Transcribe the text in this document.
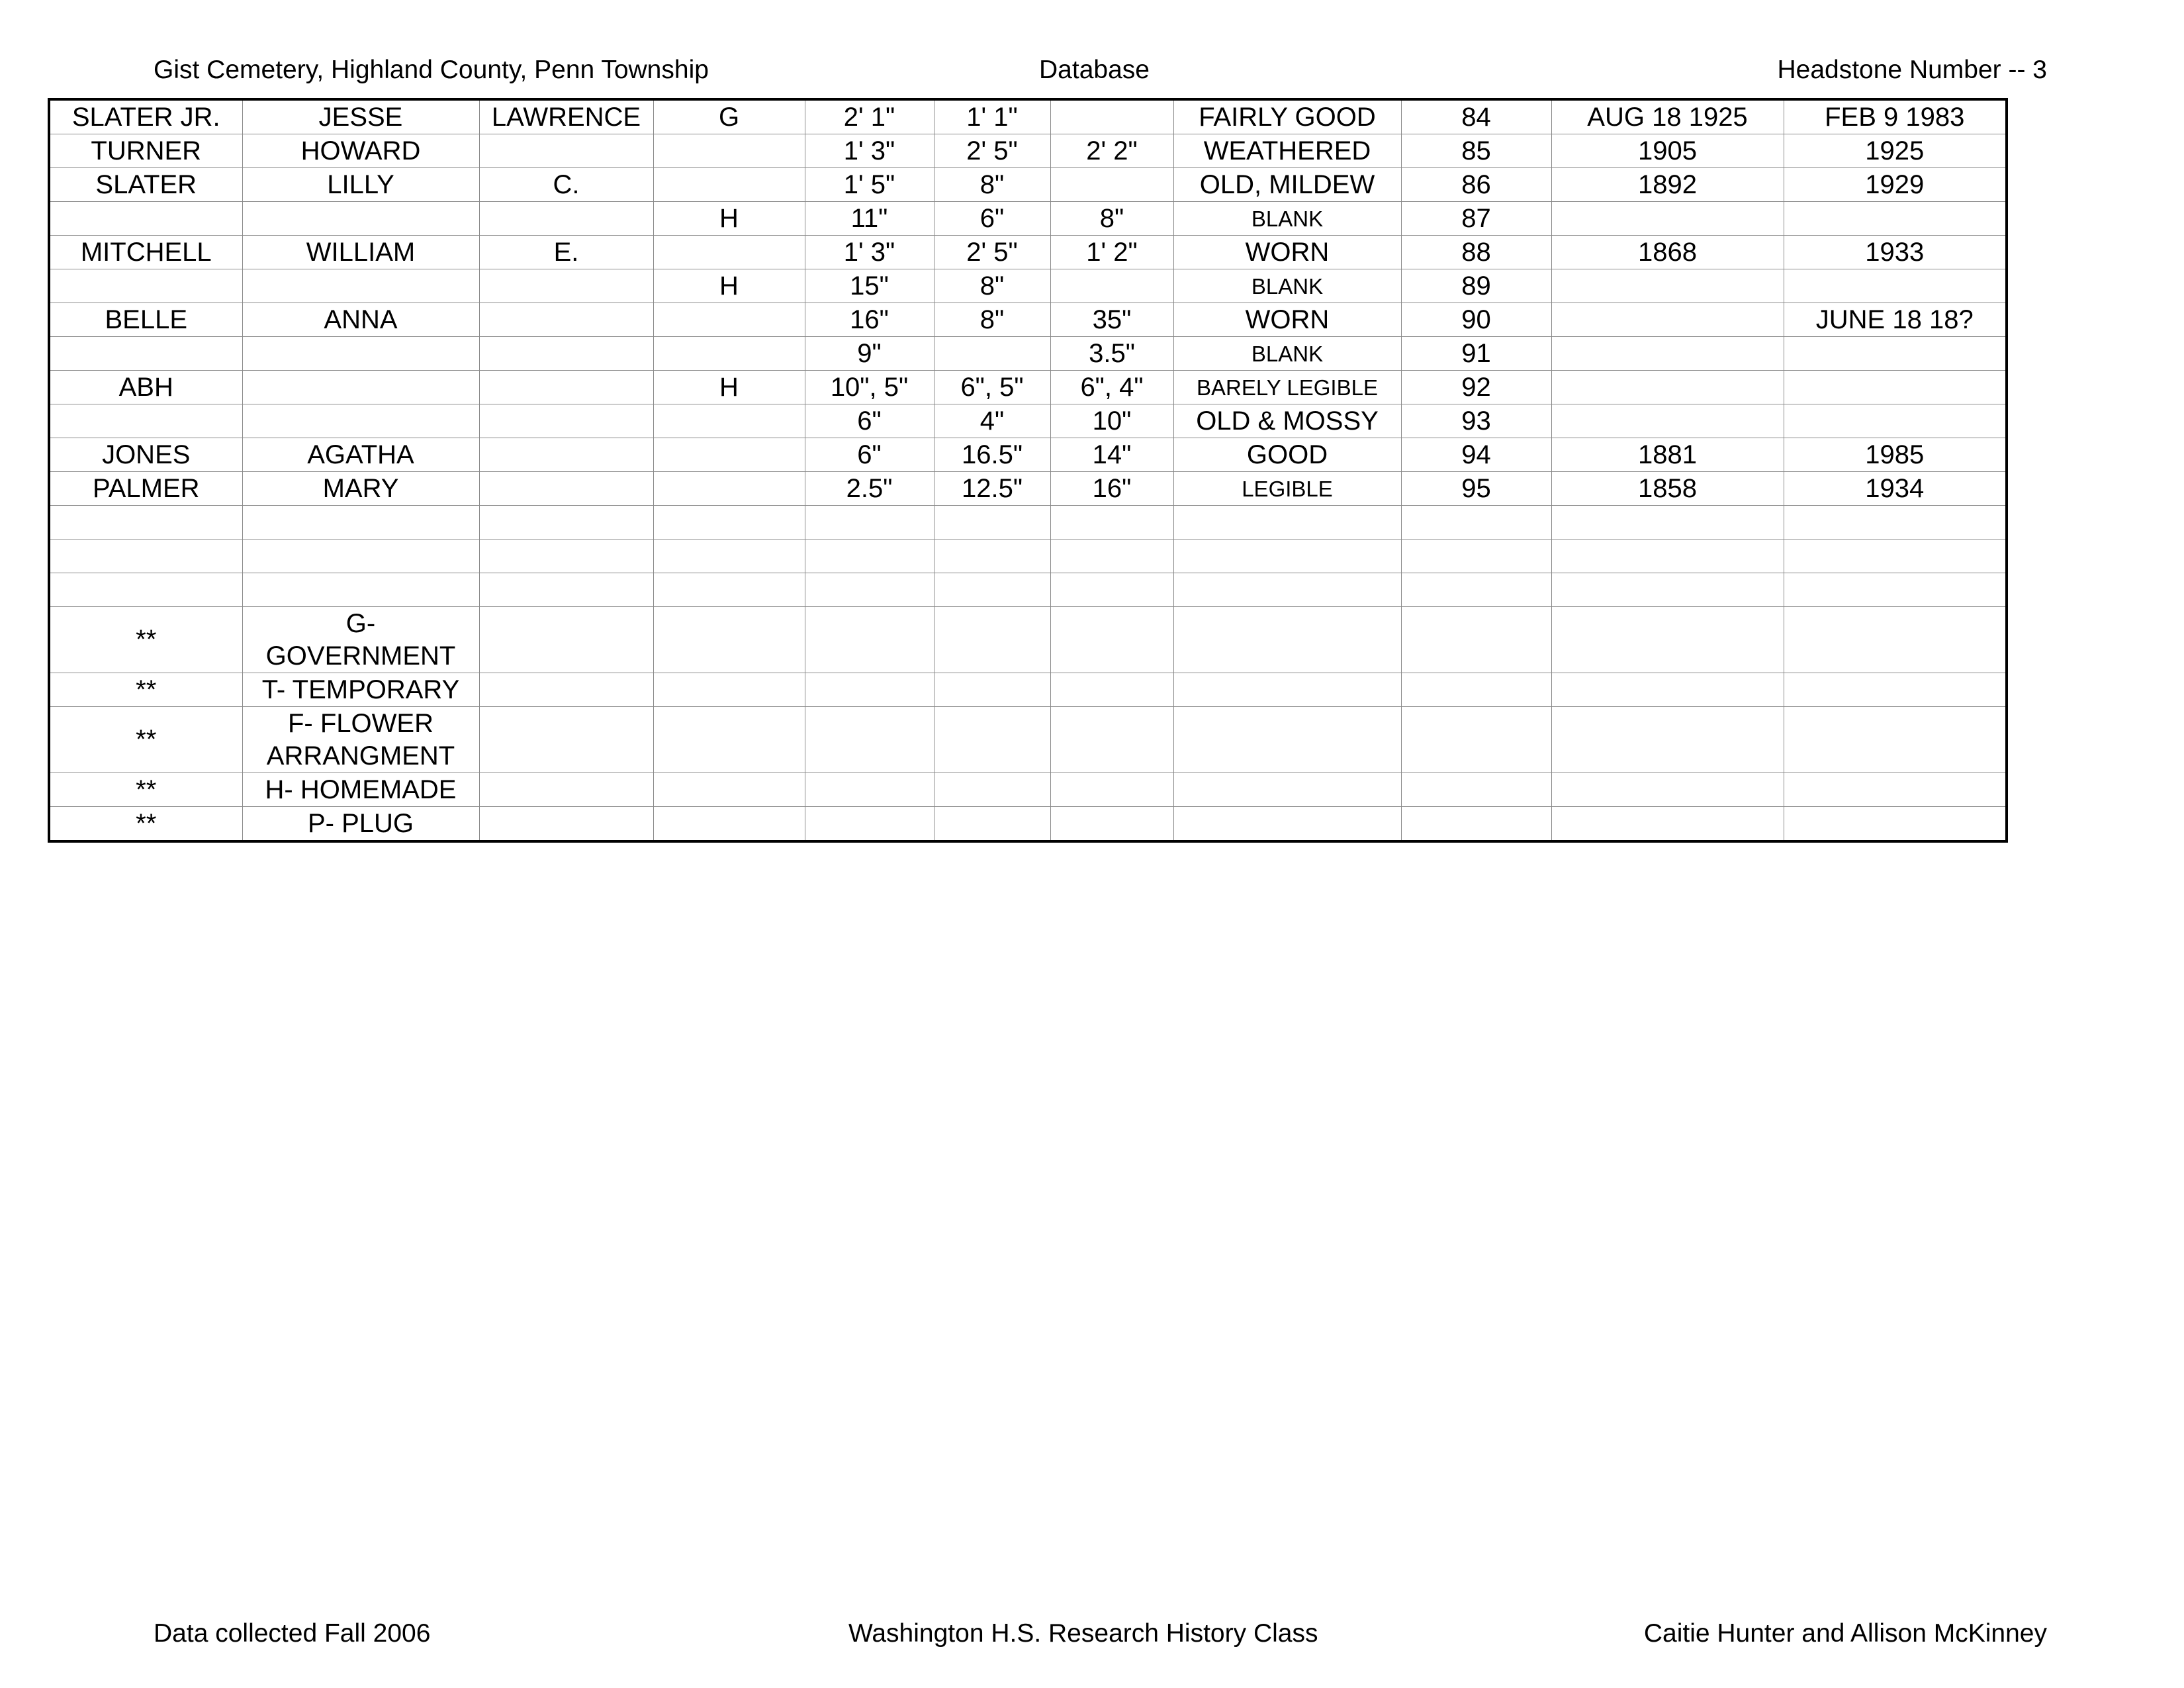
Gist Cemetery, Highland County, Penn Township	Database	Headstone Number -- 3
SLATER JR.	JESSE	LAWRENCE	G	2' 1"	1' 1"		FAIRLY GOOD	84	AUG 18 1925	FEB 9 1983
TURNER	HOWARD			1' 3"	2' 5"	2' 2"	WEATHERED	85	1905	1925
SLATER	LILLY	C.		1' 5"	8"		OLD, MILDEW	86	1892	1929
			H	11"	6"	8"	BLANK	87		
MITCHELL	WILLIAM	E.		1' 3"	2' 5"	1' 2"	WORN	88	1868	1933
			H	15"	8"		BLANK	89		
BELLE	ANNA			16"	8"	35"	WORN	90		JUNE 18 18?
				9"		3.5"	BLANK	91		
ABH			H	10", 5"	6", 5"	6", 4"	BARELY LEGIBLE	92		
				6"	4"	10"	OLD & MOSSY	93		
JONES	AGATHA			6"	16.5"	14"	GOOD	94	1881	1985
PALMER	MARY			2.5"	12.5"	16"	LEGIBLE	95	1858	1934

**	G-
GOVERNMENT									
**	T- TEMPORARY									
**	F- FLOWER
ARRANGMENT									
**	H- HOMEMADE									
**	P- PLUG									
Data collected Fall 2006	Washington H.S. Research History Class	Caitie Hunter and Allison McKinney
